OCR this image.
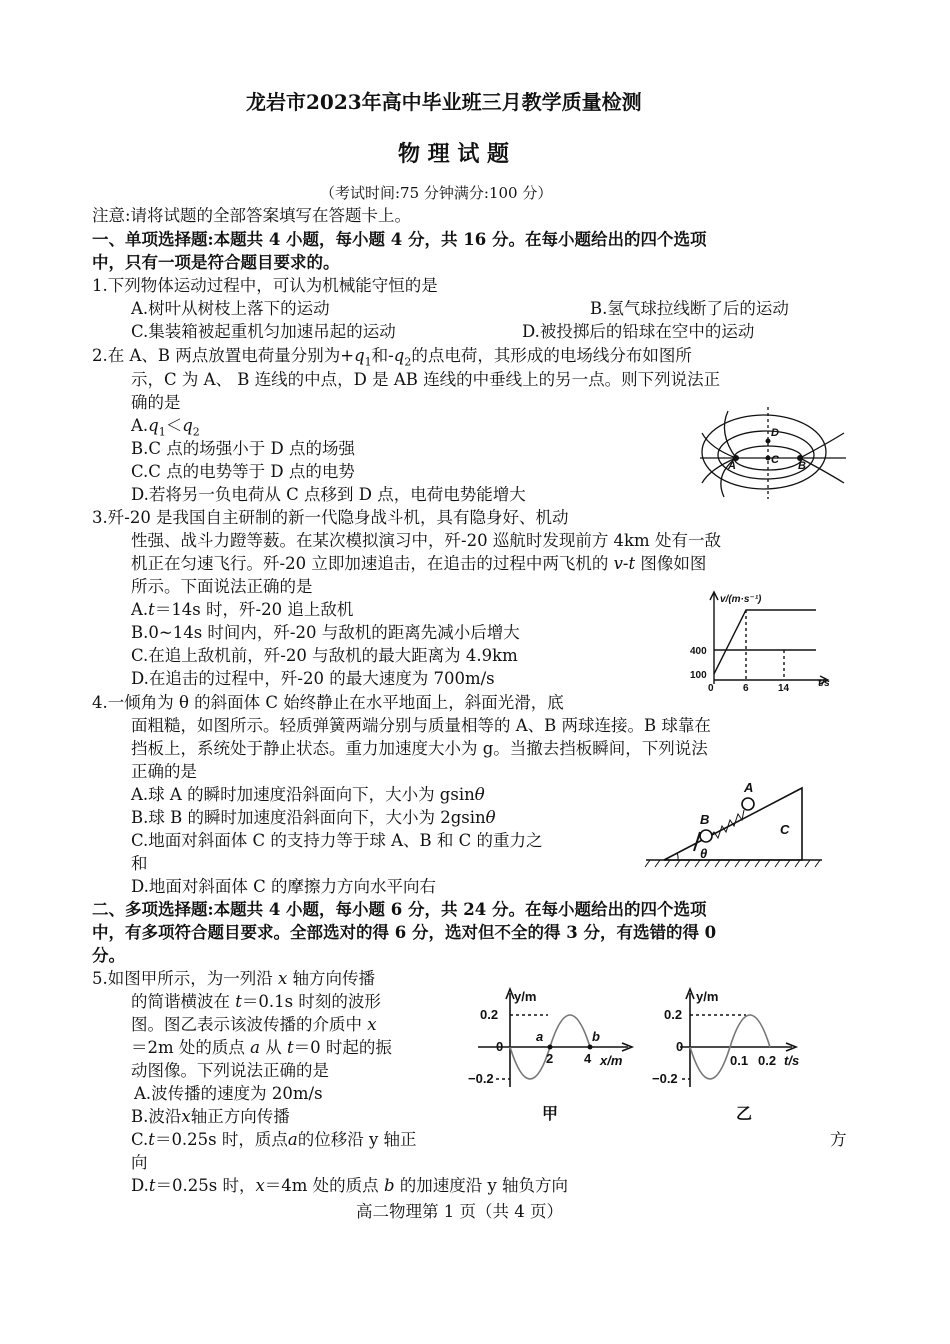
龙岩市2023年高中毕业班三月教学质量检测
物 理 试 题
（考试时间:75 分钟满分:100 分）
注意:请将试题的全部答案填写在答题卡上。
一、单项选择题:本题共 4 小题，每小题 4 分，共 16 分。在每小题给出的四个选项
中，只有一项是符合题目要求的。
1.下列物体运动过程中，可认为机械能守恒的是
A.树叶从树枝上落下的运动	B.氢气球拉线断了后的运动
C.集装箱被起重机匀加速吊起的运动	D.被投掷后的铅球在空中的运动
2.在 A、B 两点放置电荷量分别为$+q_1$和$-q_2$的点电荷，其形成的电场线分布如图所
示，C 为 A、 B 连线的中点，D 是 AB 连线的中垂线上的另一点。则下列说法正
确的是
$A.q_1<q_2$
B.C 点的场强小于 D 点的场强
C.C 点的电势等于 D 点的电势
D.若将另一负电荷从 C 点移到 D 点，电荷电势能增大
A	B
C
D
3.歼-20 是我国自主研制的新一代隐身战斗机，具有隐身好、机动
性强、战斗力蹬等薮。在某次模拟演习中，歼-20 巡航时发现前方 4km 处有一敌
机正在匀速飞行。歼-20 立即加速追击，在追击的过程中两飞机的 v-t 图像如图
所示。下面说法正确的是
A.t＝14s 时，歼-20 追上敌机
B.0~14s 时间内，歼-20 与敌机的距离先减小后增大
C.在追上敌机前，歼-20 与敌机的最大距离为 4.9km
D.在追击的过程中，歼-20 的最大速度为 700m/s
v/(m·s⁻¹)
400
100
0	6	14	t/s
4.一倾角为 θ 的斜面体 C 始终静止在水平地面上，斜面光滑，底
面粗糙，如图所示。轻质弹簧两端分别与质量相等的 A、B 两球连接。B 球靠在
挡板上，系统处于静止状态。重力加速度大小为 g。当撤去挡板瞬间，下列说法
正确的是
A.球 A 的瞬时加速度沿斜面向下，大小为 gsinθ
B.球 B 的瞬时加速度沿斜面向下，大小为 2gsinθ
C.地面对斜面体 C 的支持力等于球 A、B 和 C 的重力之
和
D.地面对斜面体 C 的摩擦力方向水平向右
B
A
C
θ
二、多项选择题:本题共 4 小题，每小题 6 分，共 24 分。在每小题给出的四个选项
中，有多项符合题目要求。全部选对的得 6 分，选对但不全的得 3 分，有选错的得 0
分。
5.如图甲所示，为一列沿 x 轴方向传播
的简谐横波在 t＝0.1s 时刻的波形
图。图乙表示该波传播的介质中 x
＝2m 处的质点 a 从 t＝0 时起的振
动图像。下列说法正确的是
A.波传播的速度为 20m/s
B.波沿x轴正方向传播
C.t＝0.25s 时，质点a的位移沿 y 轴正	方
向
D.t＝0.25s 时，x＝4m 处的质点 b 的加速度沿 y 轴负方向
y/m
0.2
0
−0.2
a	b
2 4 x/m
甲
y/m
0.2
0
−0.2
0.1 0.2 t/s
乙
高二物理第 1 页（共 4 页）
